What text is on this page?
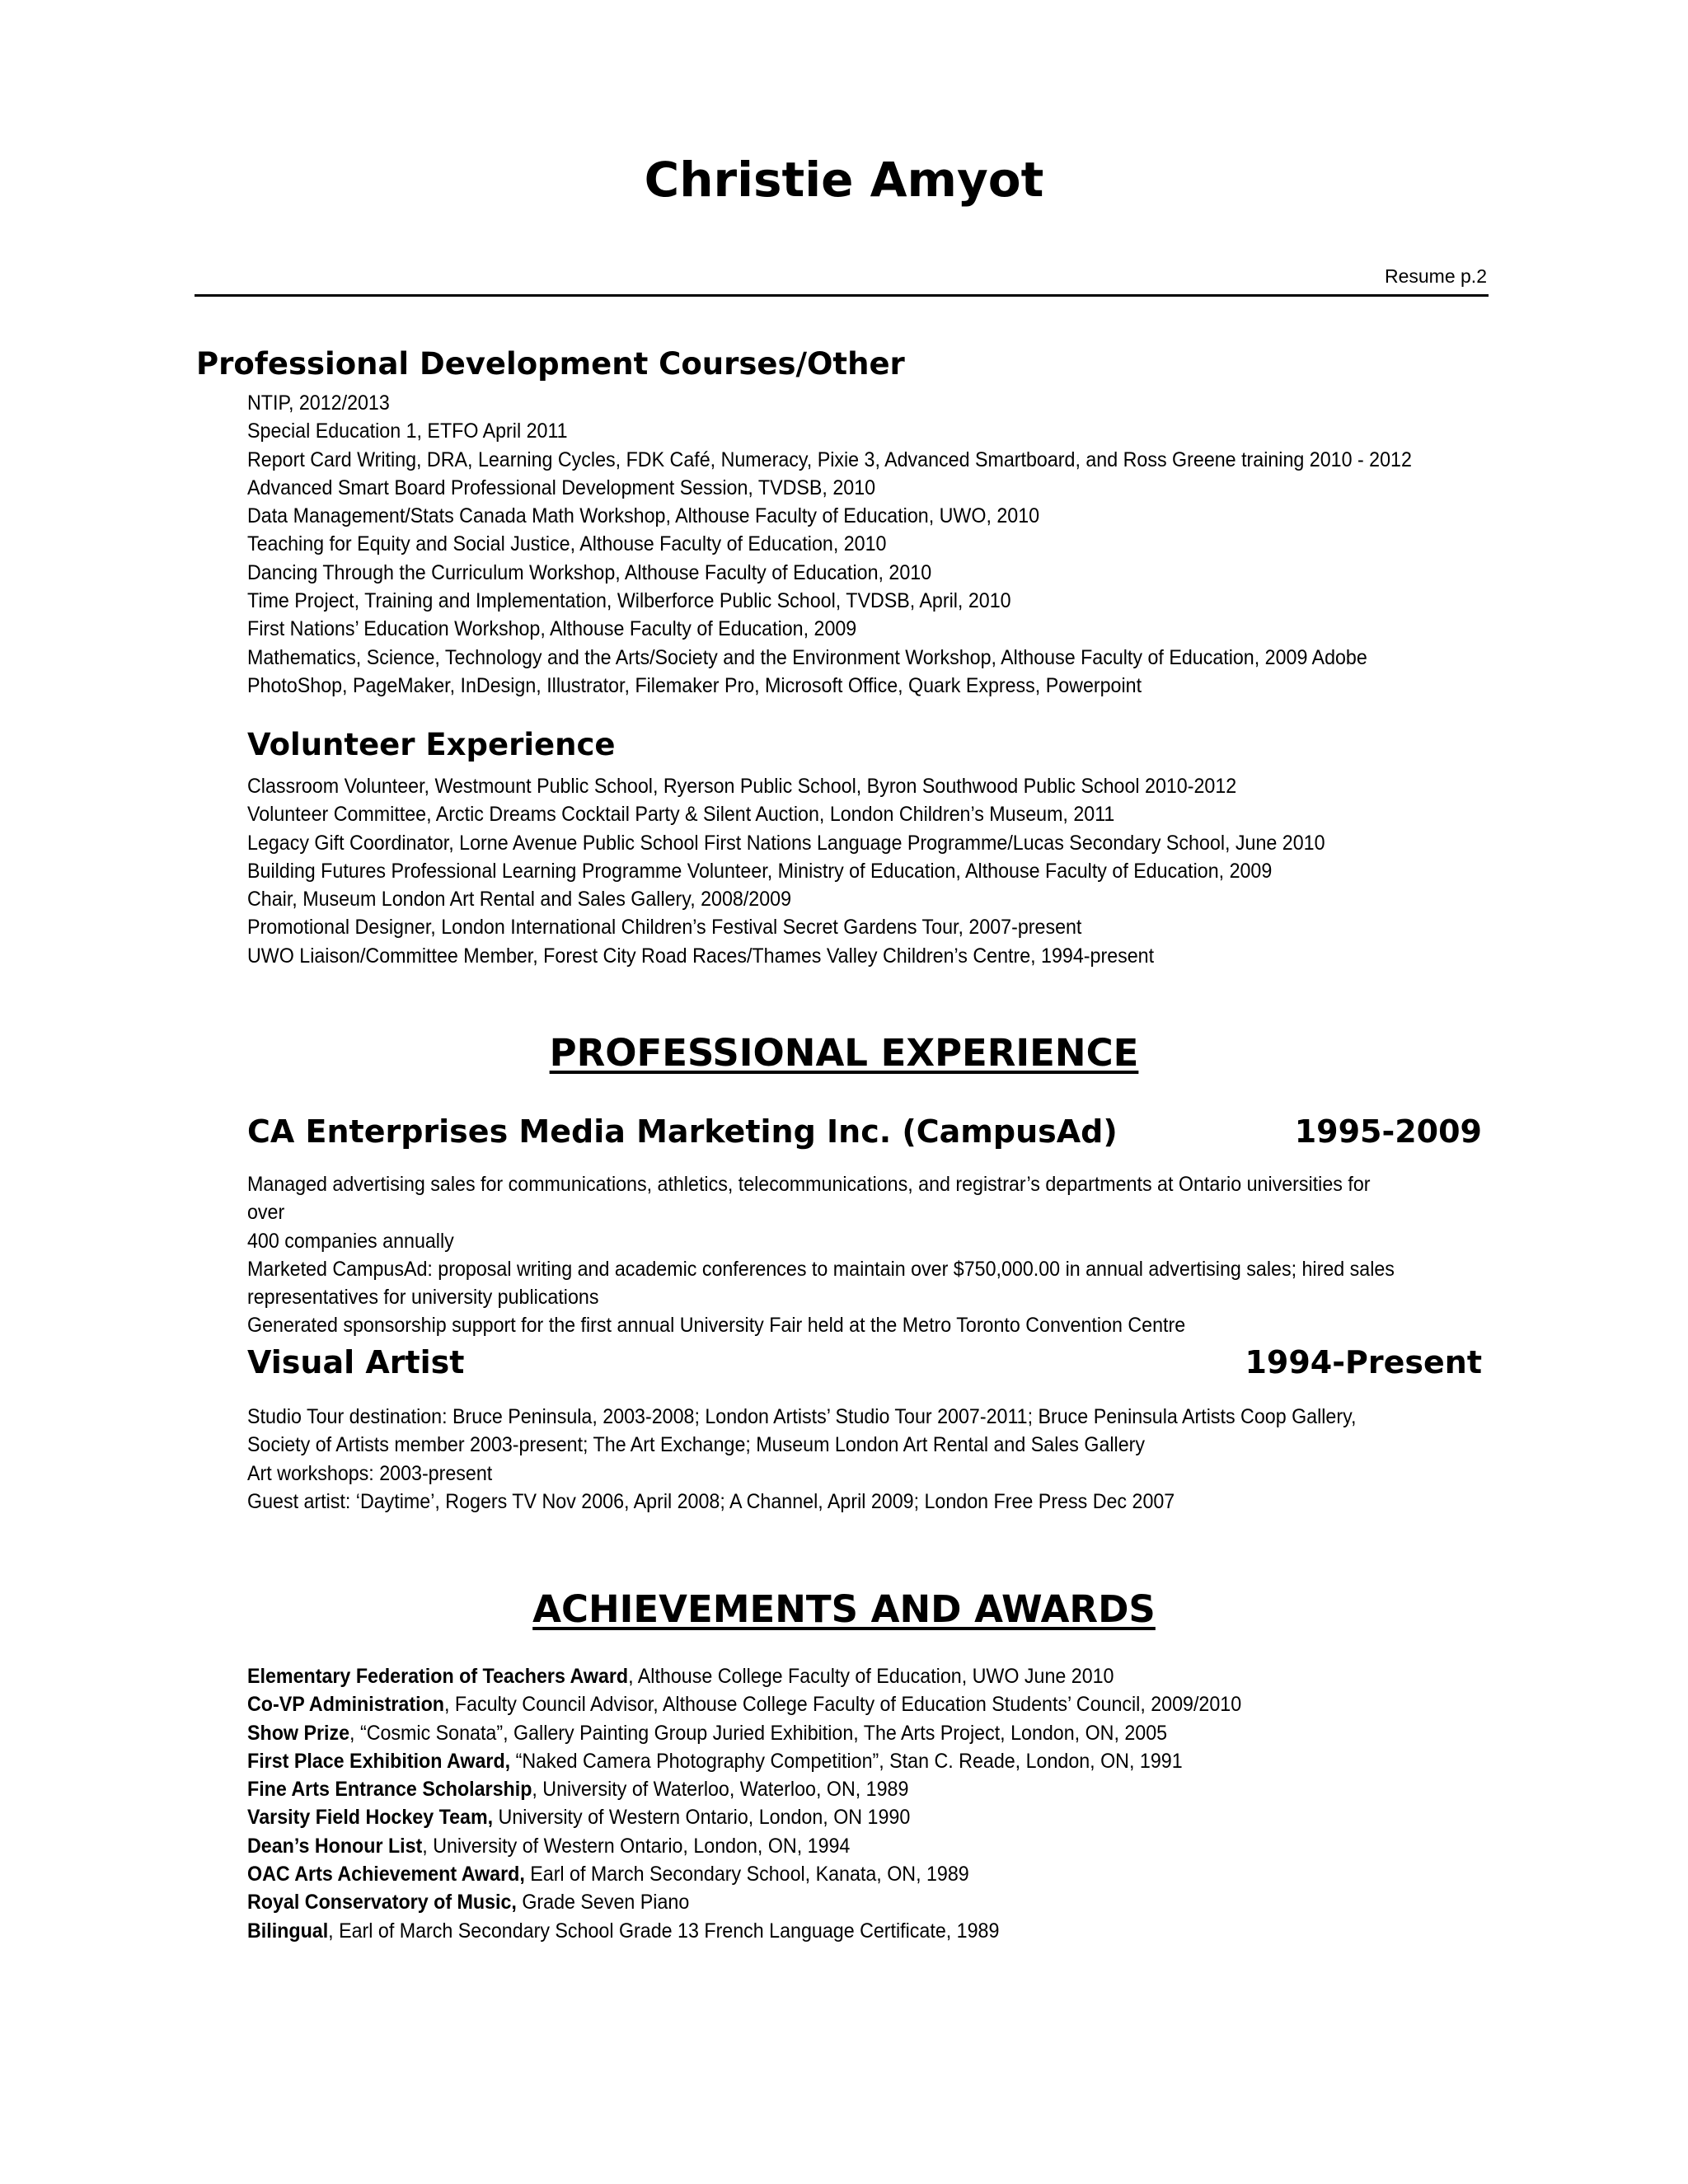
Christie Amyot
Resume p.2
Professional Development Courses/Other
NTIP, 2012/2013
Special Education 1, ETFO April 2011
Report Card Writing, DRA, Learning Cycles, FDK Café, Numeracy, Pixie 3, Advanced Smartboard, and Ross Greene training 2010 - 2012
Advanced Smart Board Professional Development Session, TVDSB, 2010
Data Management/Stats Canada Math Workshop, Althouse Faculty of Education, UWO, 2010
Teaching for Equity and Social Justice, Althouse Faculty of Education, 2010
Dancing Through the Curriculum Workshop, Althouse Faculty of Education, 2010
Time Project, Training and Implementation, Wilberforce Public School, TVDSB, April, 2010
First Nations’ Education Workshop, Althouse Faculty of Education, 2009
Mathematics, Science, Technology and the Arts/Society and the Environment Workshop, Althouse Faculty of Education, 2009 Adobe
PhotoShop, PageMaker, InDesign, Illustrator, Filemaker Pro, Microsoft Office, Quark Express, Powerpoint
Volunteer Experience
Classroom Volunteer, Westmount Public School, Ryerson Public School, Byron Southwood Public School 2010-2012
Volunteer Committee, Arctic Dreams Cocktail Party & Silent Auction, London Children’s Museum, 2011
Legacy Gift Coordinator, Lorne Avenue Public School First Nations Language Programme/Lucas Secondary School, June 2010
Building Futures Professional Learning Programme Volunteer, Ministry of Education, Althouse Faculty of Education, 2009
Chair, Museum London Art Rental and Sales Gallery, 2008/2009
Promotional Designer, London International Children’s Festival Secret Gardens Tour, 2007-present
UWO Liaison/Committee Member, Forest City Road Races/Thames Valley Children’s Centre, 1994-present
PROFESSIONAL EXPERIENCE
CA Enterprises Media Marketing Inc. (CampusAd)	1995-2009
Managed advertising sales for communications, athletics, telecommunications, and registrar’s departments at Ontario universities for over
400 companies annually
Marketed CampusAd: proposal writing and academic conferences to maintain over $750,000.00 in annual advertising sales; hired sales
representatives for university publications
Generated sponsorship support for the first annual University Fair held at the Metro Toronto Convention Centre
Visual Artist	1994-Present
Studio Tour destination: Bruce Peninsula, 2003-2008; London Artists’ Studio Tour 2007-2011; Bruce Peninsula Artists Coop Gallery,
Society of Artists member 2003-present; The Art Exchange; Museum London Art Rental and Sales Gallery
Art workshops: 2003-present
Guest artist: ‘Daytime’, Rogers TV Nov 2006, April 2008; A Channel, April 2009; London Free Press Dec 2007
ACHIEVEMENTS AND AWARDS
Elementary Federation of Teachers Award, Althouse College Faculty of Education, UWO June 2010
Co-VP Administration, Faculty Council Advisor, Althouse College Faculty of Education Students’ Council, 2009/2010
Show Prize, “Cosmic Sonata”, Gallery Painting Group Juried Exhibition, The Arts Project, London, ON, 2005
First Place Exhibition Award, “Naked Camera Photography Competition”, Stan C. Reade, London, ON, 1991
Fine Arts Entrance Scholarship, University of Waterloo, Waterloo, ON, 1989
Varsity Field Hockey Team, University of Western Ontario, London, ON 1990
Dean’s Honour List, University of Western Ontario, London, ON, 1994
OAC Arts Achievement Award, Earl of March Secondary School, Kanata, ON, 1989
Royal Conservatory of Music, Grade Seven Piano
Bilingual, Earl of March Secondary School Grade 13 French Language Certificate, 1989
